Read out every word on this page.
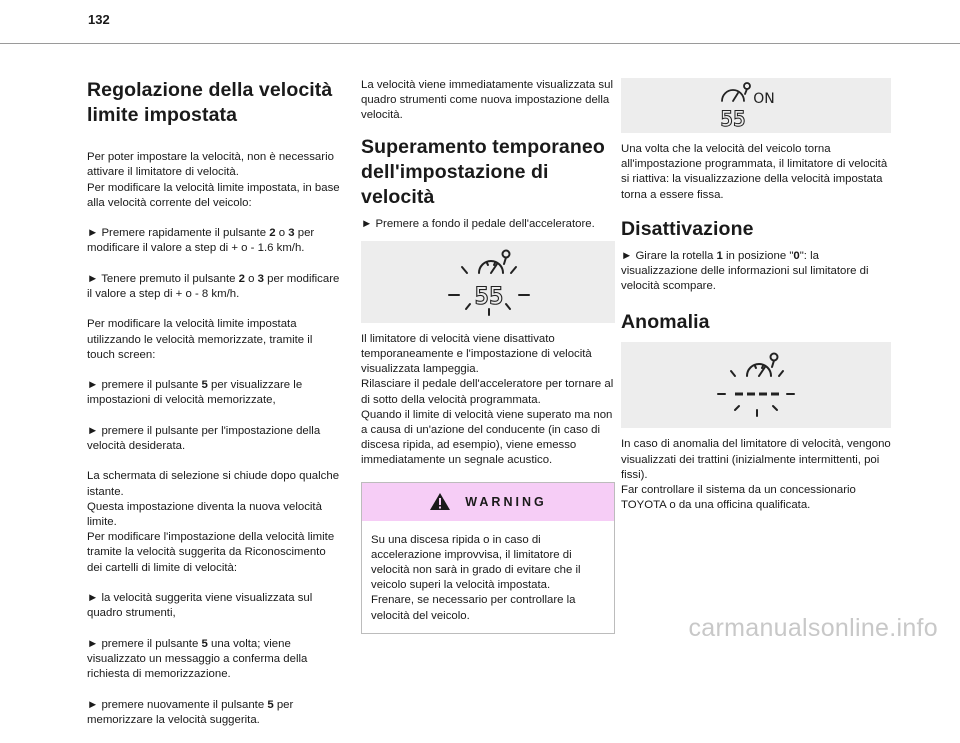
132
Regolazione della velocità limite impostata

Per poter impostare la velocità, non è necessario attivare il limitatore di velocità.
Per modificare la velocità limite impostata, in base alla velocità corrente del veicolo:

► Premere rapidamente il pulsante 2 o 3 per modificare il valore a step di + o - 1.6 km/h.

► Tenere premuto il pulsante 2 o 3 per modificare il valore a step di + o - 8 km/h.

Per modificare la velocità limite impostata utilizzando le velocità memorizzate, tramite il touch screen:

► premere il pulsante 5 per visualizzare le impostazioni di velocità memorizzate,

► premere il pulsante per l'impostazione della velocità desiderata.

La schermata di selezione si chiude dopo qualche istante.
Questa impostazione diventa la nuova velocità limite.
Per modificare l'impostazione della velocità limite tramite la velocità suggerita da Riconoscimento dei cartelli di limite di velocità:

► la velocità suggerita viene visualizzata sul quadro strumenti,

► premere il pulsante 5 una volta; viene visualizzato un messaggio a conferma della richiesta di memorizzazione.

► premere nuovamente il pulsante 5 per memorizzare la velocità suggerita.

La velocità viene immediatamente visualizzata sul quadro strumenti come nuova impostazione della velocità.
Superamento temporaneo dell'impostazione di velocità
► Premere a fondo il pedale dell'acceleratore.
55
Il limitatore di velocità viene disattivato temporaneamente e l'impostazione di velocità visualizzata lampeggia.
Rilasciare il pedale dell'acceleratore per tornare al di sotto della velocità programmata.
Quando il limite di velocità viene superato ma non a causa di un'azione del conducente (in caso di discesa ripida, ad esempio), viene emesso immediatamente un segnale acustico.
WARNING
Su una discesa ripida o in caso di accelerazione improvvisa, il limitatore di velocità non sarà in grado di evitare che il veicolo superi la velocità impostata.
Frenare, se necessario per controllare la velocità del veicolo.
ON
55
Una volta che la velocità del veicolo torna all'impostazione programmata, il limitatore di velocità si riattiva: la visualizzazione della velocità impostata torna a essere fissa.
Disattivazione
► Girare la rotella 1 in posizione "0": la visualizzazione delle informazioni sul limitatore di velocità scompare.
Anomalia
In caso di anomalia del limitatore di velocità, vengono visualizzati dei trattini (inizialmente intermittenti, poi fissi).
Far controllare il sistema da un concessionario TOYOTA o da una officina qualificata.
carmanualsonline.info
